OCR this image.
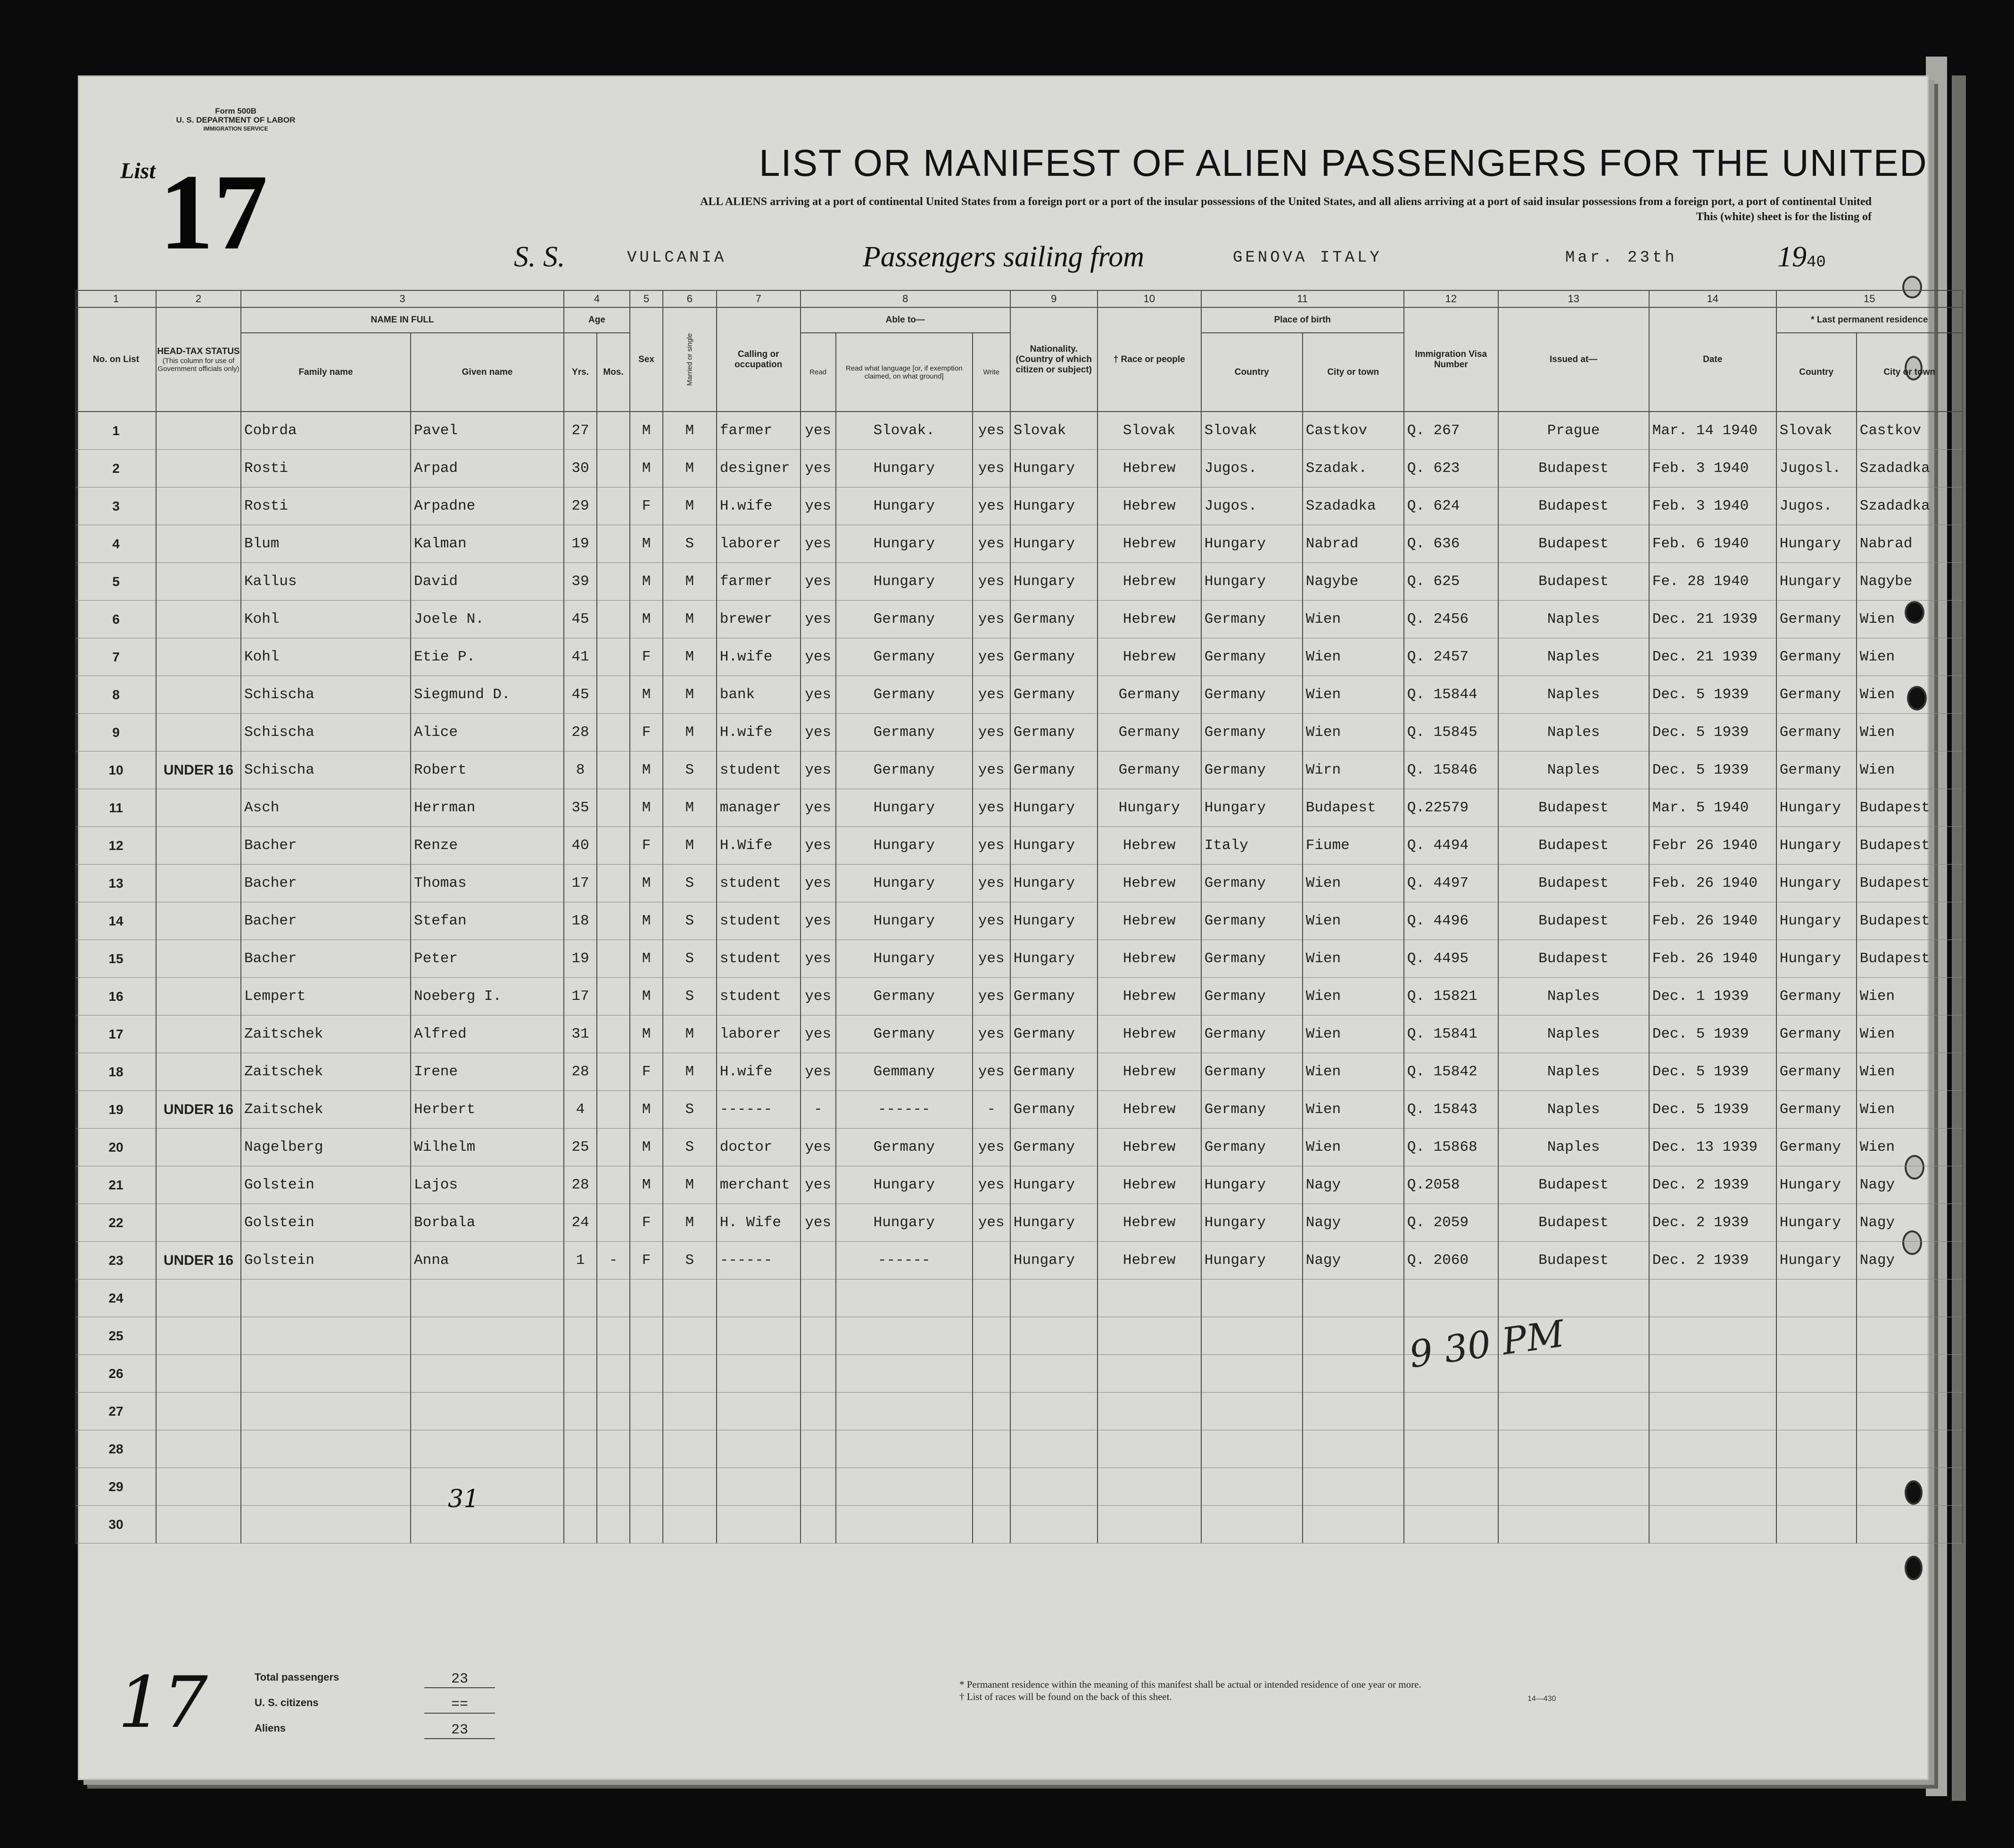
Form 500B
U. S. DEPARTMENT OF LABOR
IMMIGRATION SERVICE
List 17	LIST OR MANIFEST OF ALIEN PASSENGERS FOR THE UNITED
ALL ALIENS arriving at a port of continental United States from a foreign port or a port of the insular possessions of the United States, and all aliens arriving at a port of said insular possessions from a foreign port, a port of continental United
This (white) sheet is for the listing of
S. S.	VULCANIA	Passengers sailing from	GENOVA ITALY	Mar. 23th	1940
1	2	3		4		5	6	7	8			9	10	11		12	13	14	15	
No. on List	HEAD-TAX STATUS
(This column for use of Government officials only)	NAME IN FULL		Age		Sex	Married or single	Calling or occupation	Able to—			Nationality. (Country of which citizen or subject)	† Race or people	Place of birth		Immigration Visa Number	Issued at—	Date	* Last permanent residence	

		Family name	Given name	Yrs.	Mos.				Read	Read what language [or, if exemption claimed, on what ground]	Write			Country	City or town				Country	City or town
1		Cobrda	Pavel	27		M	M	farmer	yes	Slovak.	yes	Slovak	Slovak	Slovak	Castkov	Q. 267	Prague	Mar. 14 1940	Slovak	Castkov
2		Rosti	Arpad	30		M	M	designer	yes	Hungary	yes	Hungary	Hebrew	Jugos.	Szadak.	Q. 623	Budapest	Feb. 3 1940	Jugosl.	Szadadka
3		Rosti	Arpadne	29		F	M	H.wife	yes	Hungary	yes	Hungary	Hebrew	Jugos.	Szadadka	Q. 624	Budapest	Feb. 3 1940	Jugos.	Szadadka
4		Blum	Kalman	19		M	S	laborer	yes	Hungary	yes	Hungary	Hebrew	Hungary	Nabrad	Q. 636	Budapest	Feb. 6 1940	Hungary	Nabrad
5		Kallus	David	39		M	M	farmer	yes	Hungary	yes	Hungary	Hebrew	Hungary	Nagybe	Q. 625	Budapest	Fe. 28 1940	Hungary	Nagybe
6		Kohl	Joele N.	45		M	M	brewer	yes	Germany	yes	Germany	Hebrew	Germany	Wien	Q. 2456	Naples	Dec. 21 1939	Germany	Wien
7		Kohl	Etie P.	41		F	M	H.wife	yes	Germany	yes	Germany	Hebrew	Germany	Wien	Q. 2457	Naples	Dec. 21 1939	Germany	Wien
8		Schischa	Siegmund D.	45		M	M	bank	yes	Germany	yes	Germany	Germany	Germany	Wien	Q. 15844	Naples	Dec. 5 1939	Germany	Wien
9		Schischa	Alice	28		F	M	H.wife	yes	Germany	yes	Germany	Germany	Germany	Wien	Q. 15845	Naples	Dec. 5 1939	Germany	Wien
10	UNDER 16	Schischa	Robert	8		M	S	student	yes	Germany	yes	Germany	Germany	Germany	Wirn	Q. 15846	Naples	Dec. 5 1939	Germany	Wien
11		Asch	Herrman	35		M	M	manager	yes	Hungary	yes	Hungary	Hungary	Hungary	Budapest	Q.22579	Budapest	Mar. 5 1940	Hungary	Budapest
12		Bacher	Renze	40		F	M	H.Wife	yes	Hungary	yes	Hungary	Hebrew	Italy	Fiume	Q. 4494	Budapest	Febr 26 1940	Hungary	Budapest
13		Bacher	Thomas	17		M	S	student	yes	Hungary	yes	Hungary	Hebrew	Germany	Wien	Q. 4497	Budapest	Feb. 26 1940	Hungary	Budapest
14		Bacher	Stefan	18		M	S	student	yes	Hungary	yes	Hungary	Hebrew	Germany	Wien	Q. 4496	Budapest	Feb. 26 1940	Hungary	Budapest
15		Bacher	Peter	19		M	S	student	yes	Hungary	yes	Hungary	Hebrew	Germany	Wien	Q. 4495	Budapest	Feb. 26 1940	Hungary	Budapest
16		Lempert	Noeberg I.	17		M	S	student	yes	Germany	yes	Germany	Hebrew	Germany	Wien	Q. 15821	Naples	Dec. 1 1939	Germany	Wien
17		Zaitschek	Alfred	31		M	M	laborer	yes	Germany	yes	Germany	Hebrew	Germany	Wien	Q. 15841	Naples	Dec. 5 1939	Germany	Wien
18		Zaitschek	Irene	28		F	M	H.wife	yes	Gemmany	yes	Germany	Hebrew	Germany	Wien	Q. 15842	Naples	Dec. 5 1939	Germany	Wien
19	UNDER 16	Zaitschek	Herbert	4		M	S	------	-	------	-	Germany	Hebrew	Germany	Wien	Q. 15843	Naples	Dec. 5 1939	Germany	Wien
20		Nagelberg	Wilhelm	25		M	S	doctor	yes	Germany	yes	Germany	Hebrew	Germany	Wien	Q. 15868	Naples	Dec. 13 1939	Germany	Wien
21		Golstein	Lajos	28		M	M	merchant	yes	Hungary	yes	Hungary	Hebrew	Hungary	Nagy	Q.2058	Budapest	Dec. 2 1939	Hungary	Nagy
22		Golstein	Borbala	24		F	M	H. Wife	yes	Hungary	yes	Hungary	Hebrew	Hungary	Nagy	Q. 2059	Budapest	Dec. 2 1939	Hungary	Nagy
23	UNDER 16	Golstein	Anna	1	-	F	S	------		------		Hungary	Hebrew	Hungary	Nagy	Q. 2060	Budapest	Dec. 2 1939	Hungary	Nagy
24																				
25																				
26																				
27																				
28																				
29																				
30																				
31
9 30 PM
17	Total passengers	23
U. S. citizens	==
Aliens	23
* Permanent residence within the meaning of this manifest shall be actual or intended residence of one year or more.
† List of races will be found on the back of this sheet.	14—430
